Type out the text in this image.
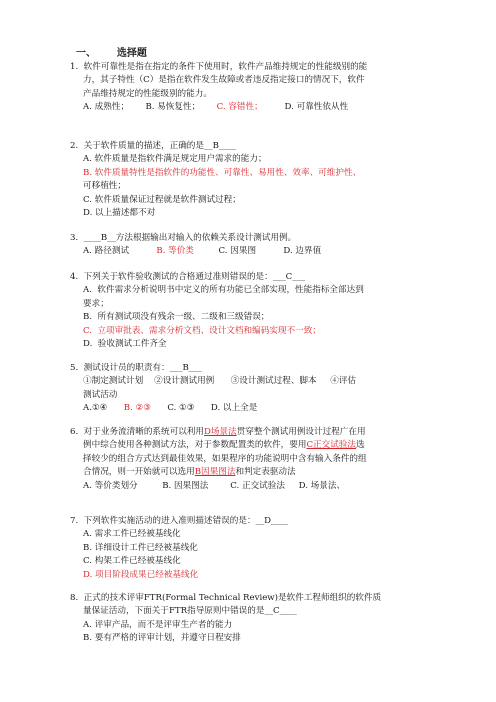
一、 选择题
1.  软件可靠性是指在指定的条件下使用时，软件产品维持规定的性能级别的能
力，其子特性（C）是指在软件发生故障或者违反指定接口的情况下，软件
产品维持规定的性能级别的能力。
A. 成熟性； B. 易恢复性； C. 容错性；	D. 可靠性依从性
2.  关于软件质量的描述，正确的是__B____
A. 软件质量是指软件满足规定用户需求的能力；
B. 软件质量特性是指软件的功能性、可靠性、易用性、效率、可维护性、
可移植性；
C. 软件质量保证过程就是软件测试过程；
D. 以上描述都不对
3.  ____B__方法根据输出对输入的依赖关系设计测试用例。
A. 路径测试	B. 等价类	C. 因果图	D. 边界值
4.  下列关于软件验收测试的合格通过准则错误的是：___C___
A.  软件需求分析说明书中定义的所有功能已全部实现，性能指标全部达到
要求；
B.  所有测试项没有残余一级、二级和三级错误；
C.  立项审批表、需求分析文档、设计文档和编码实现不一致；
D.  验收测试工件齐全
5.  测试设计员的职责有：___B___
①制定测试计划 ②设计测试用例 ③设计测试过程、脚本 ④评估
测试活动
A.①④ B. ②③ C. ①③ D. 以上全是
6.  对于业务流清晰的系统可以利用D场景法贯穿整个测试用例设计过程广在用
例中综合使用各种测试方法，对于参数配置类的软件，要用C正交试验法选
择较少的组合方式达到最佳效果，如果程序的功能说明中含有输入条件的组
合情况，则一开始就可以选用B因果图法和判定表驱动法
A. 等价类划分	B. 因果图法	C. 正交试验法 D. 场景法、
7.  下列软件实施活动的进入准则描述错误的是：__D____
A. 需求工件已经被基线化
B. 详细设计工件已经被基线化
C. 构架工件已经被基线化
D. 项目阶段成果已经被基线化
8.  正式的技术评审FTR(Formal Technical Review)是软件工程师组织的软件质
量保证活动，下面关于FTR指导原则中错误的是__C____
A. 评审产品，而不是评审生产者的能力
B. 要有严格的评审计划，并遵守日程安排
